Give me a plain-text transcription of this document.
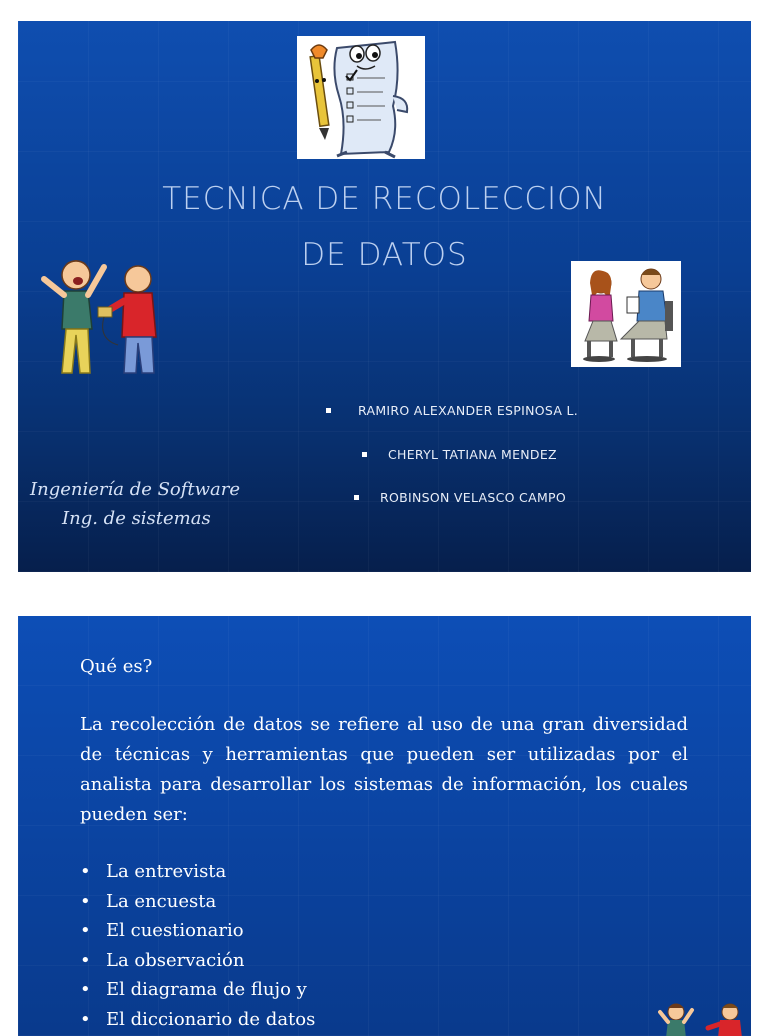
TECNICA DE RECOLECCION
DE DATOS
RAMIRO ALEXANDER ESPINOSA L.
CHERYL TATIANA MENDEZ
ROBINSON VELASCO CAMPO
Ingeniería de Software
Ing. de sistemas
Qué es?
La recolección de datos se refiere al uso de una gran diversidad de técnicas y herramientas que pueden ser utilizadas por el analista para desarrollar los sistemas de información, los cuales pueden ser:
• La entrevista
• La encuesta
• El cuestionario
• La observación
• El diagrama de flujo y
• El diccionario de datos
